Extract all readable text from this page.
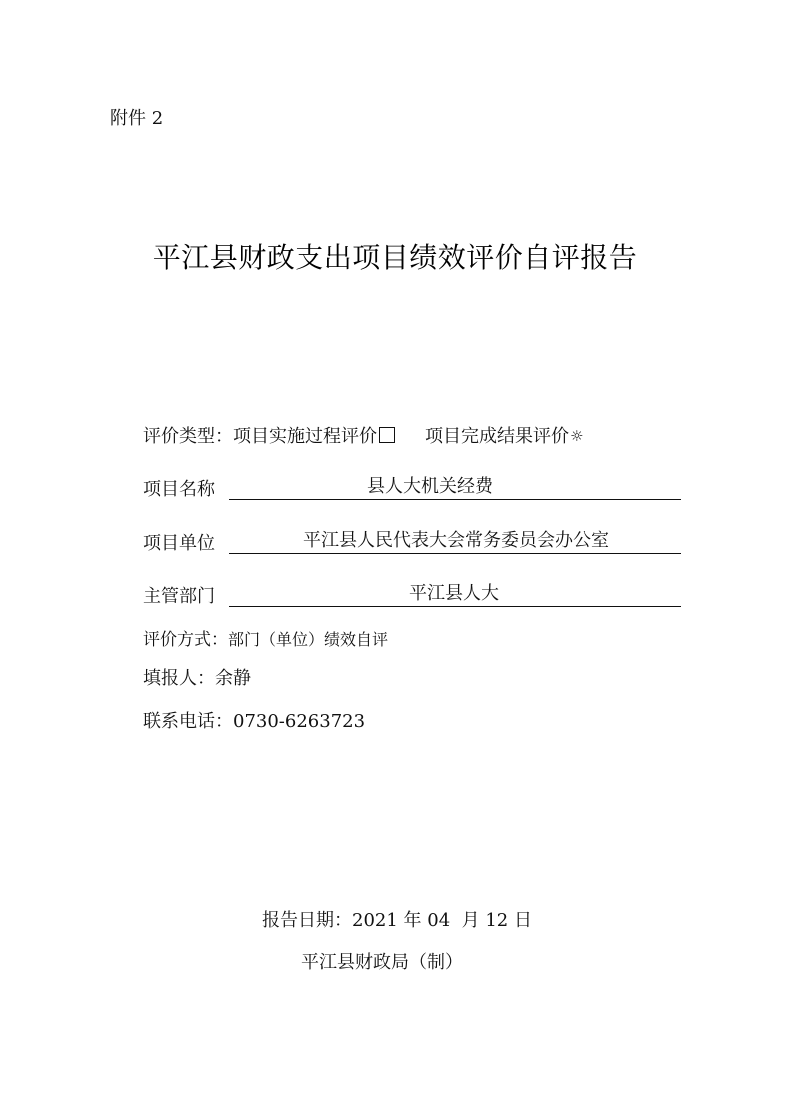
附件 2
平江县财政支出项目绩效评价自评报告
评价类型：项目实施过程评价	项目完成结果评价☼
项目名称	县人大机关经费
项目单位	平江县人民代表大会常务委员会办公室
主管部门	平江县人大
评价方式：部门（单位）绩效自评
填报人：余静
联系电话：0730-6263723
报告日期：2021 年 04  月 12 日
平江县财政局（制）
